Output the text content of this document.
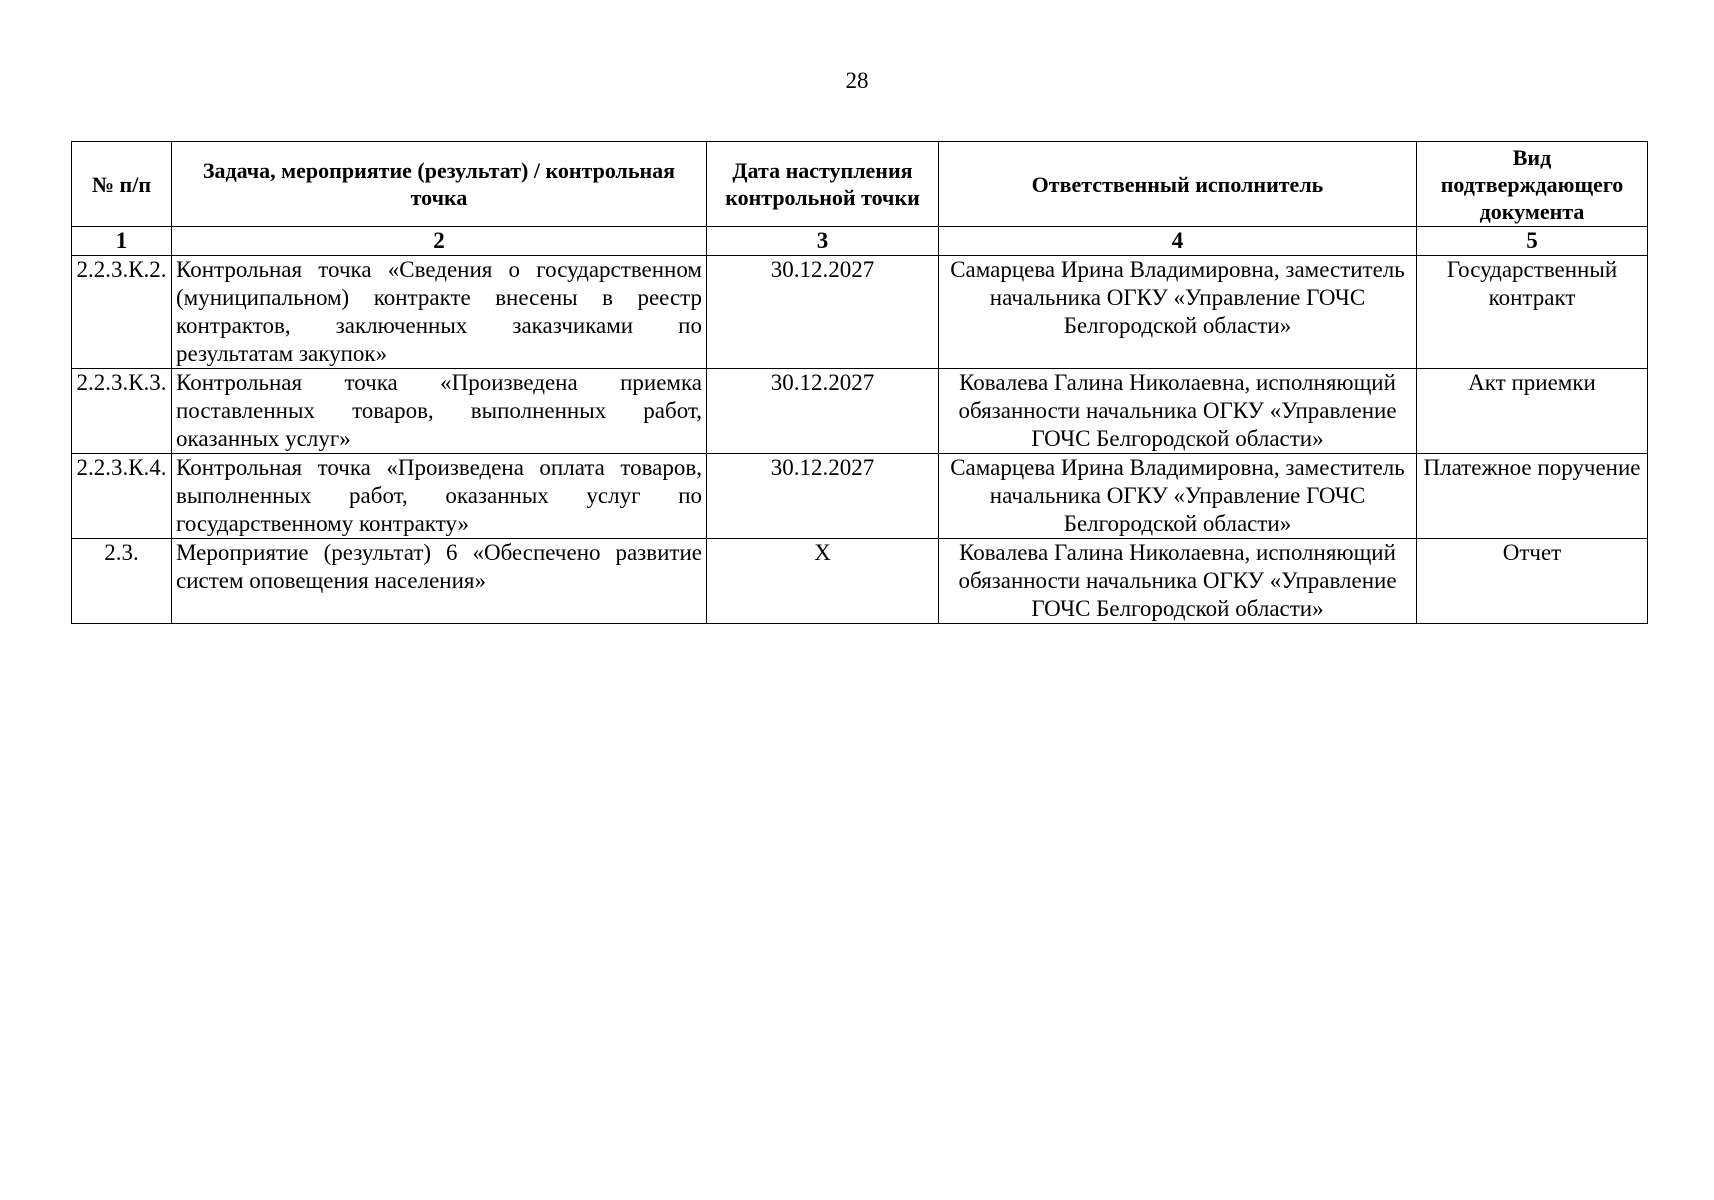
28
№ п/п	Задача, мероприятие (результат) / контрольная точка	Дата наступления контрольной точки	Ответственный исполнитель	Вид подтверждающего документа
1	2	3	4	5
2.2.3.К.2.	Контрольная точка «Сведения о государственном (муниципальном) контракте внесены в реестр контрактов, заключенных заказчиками по результатам закупок»	30.12.2027	Самарцева Ирина Владимировна, заместитель начальника ОГКУ «Управление ГОЧС Белгородской области»	Государственный контракт
2.2.3.К.3.	Контрольная точка «Произведена приемка поставленных товаров, выполненных работ, оказанных услуг»	30.12.2027	Ковалева Галина Николаевна, исполняющий обязанности начальника ОГКУ «Управление ГОЧС Белгородской области»	Акт приемки
2.2.3.К.4.	Контрольная точка «Произведена оплата товаров, выполненных работ, оказанных услуг по государственному контракту»	30.12.2027	Самарцева Ирина Владимировна, заместитель начальника ОГКУ «Управление ГОЧС Белгородской области»	Платежное поручение
2.3.	Мероприятие (результат) 6 «Обеспечено развитие систем оповещения населения»	X	Ковалева Галина Николаевна, исполняющий обязанности начальника ОГКУ «Управление ГОЧС Белгородской области»	Отчет
